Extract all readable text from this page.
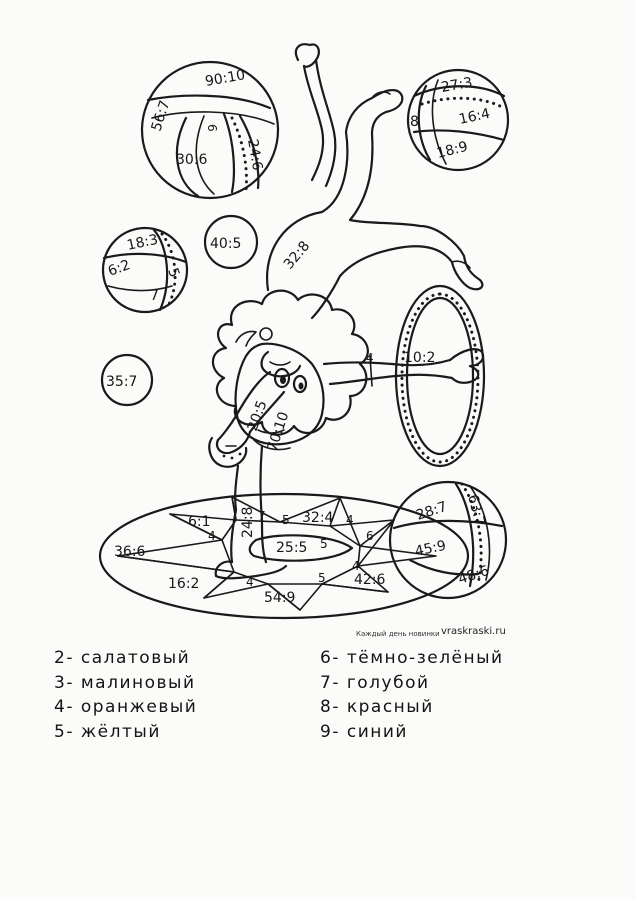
90:10
56:7	6
30:6	24:6
27:3
8	16:4
18:9
18:3
6:2 5
7
40:5
35:7
32:8
20:5
70:10
4 10:2
24:8
6:1	7 5 32:4
4
4
4
6
36:6	25:5 5
16:2	4	5 42:6
54:9
28:7 63:7
45:9
48:6
Каждый день новинки vraskraski.ru
2- салатовый
3- малиновый
4- оранжевый
5- жёлтый
6- тёмно-зелёный
7- голубой
8- красный
9- синий
